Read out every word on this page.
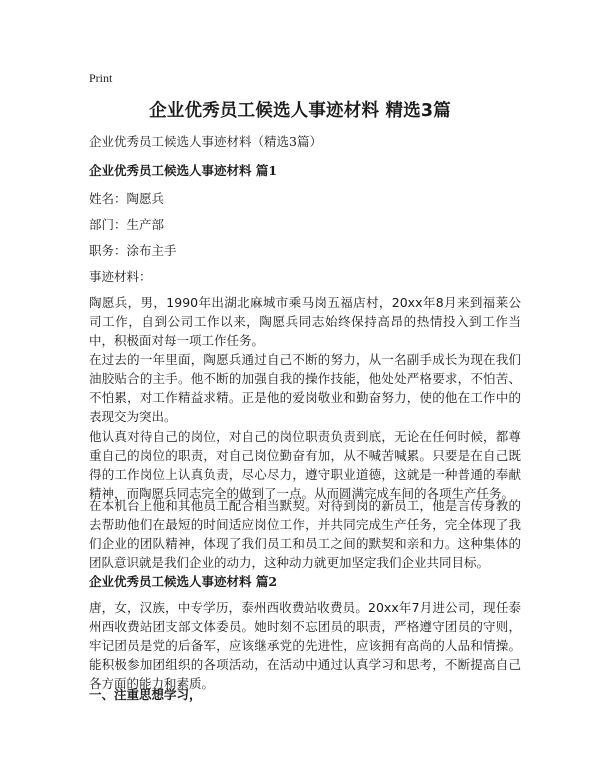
Print
企业优秀员工候选人事迹材料 精选3篇
企业优秀员工候选人事迹材料（精选3篇）
企业优秀员工候选人事迹材料 篇1
姓名：陶愿兵
部门：生产部
职务：涂布主手
事迹材料：
陶愿兵，男，1990年出湖北麻城市乘马岗五福店村，20xx年8月来到福莱公司工作，自到公司工作以来，陶愿兵同志始终保持高昂的热情投入到工作当中，积极面对每一项工作任务。
在过去的一年里面，陶愿兵通过自己不断的努力，从一名副手成长为现在我们油胶贴合的主手。他不断的加强自我的操作技能，他处处严格要求，不怕苦、不怕累，对工作精益求精。正是他的爱岗敬业和勤奋努力，使的他在工作中的表现交为突出。
他认真对待自己的岗位，对自己的岗位职责负责到底，无论在任何时候，都尊重自己的岗位的职责，对自己岗位勤奋有加，从不喊苦喊累。只要是在自己既得的工作岗位上认真负责，尽心尽力，遵守职业道德，这就是一种普通的奉献精神，而陶愿兵同志完全的做到了一点。从而圆满完成车间的各项生产任务。
在本机台上他和其他员工配合相当默契。对待到岗的新员工，他是言传身教的去帮助他们在最短的时间适应岗位工作，并共同完成生产任务，完全体现了我们企业的团队精神，体现了我们员工和员工之间的默契和亲和力。这种集体的团队意识就是我们企业的动力，这种动力就更加坚定我们企业共同目标。
企业优秀员工候选人事迹材料 篇2
唐，女，汉族，中专学历，泰州西收费站收费员。20xx年7月进公司，现任泰州西收费站团支部文体委员。她时刻不忘团员的职责，严格遵守团员的守则，牢记团员是党的后备军，应该继承党的先进性，应该拥有高尚的人品和情操。能积极参加团组织的各项活动，在活动中通过认真学习和思考，不断提高自己各方面的能力和素质。
一、注重思想学习，
